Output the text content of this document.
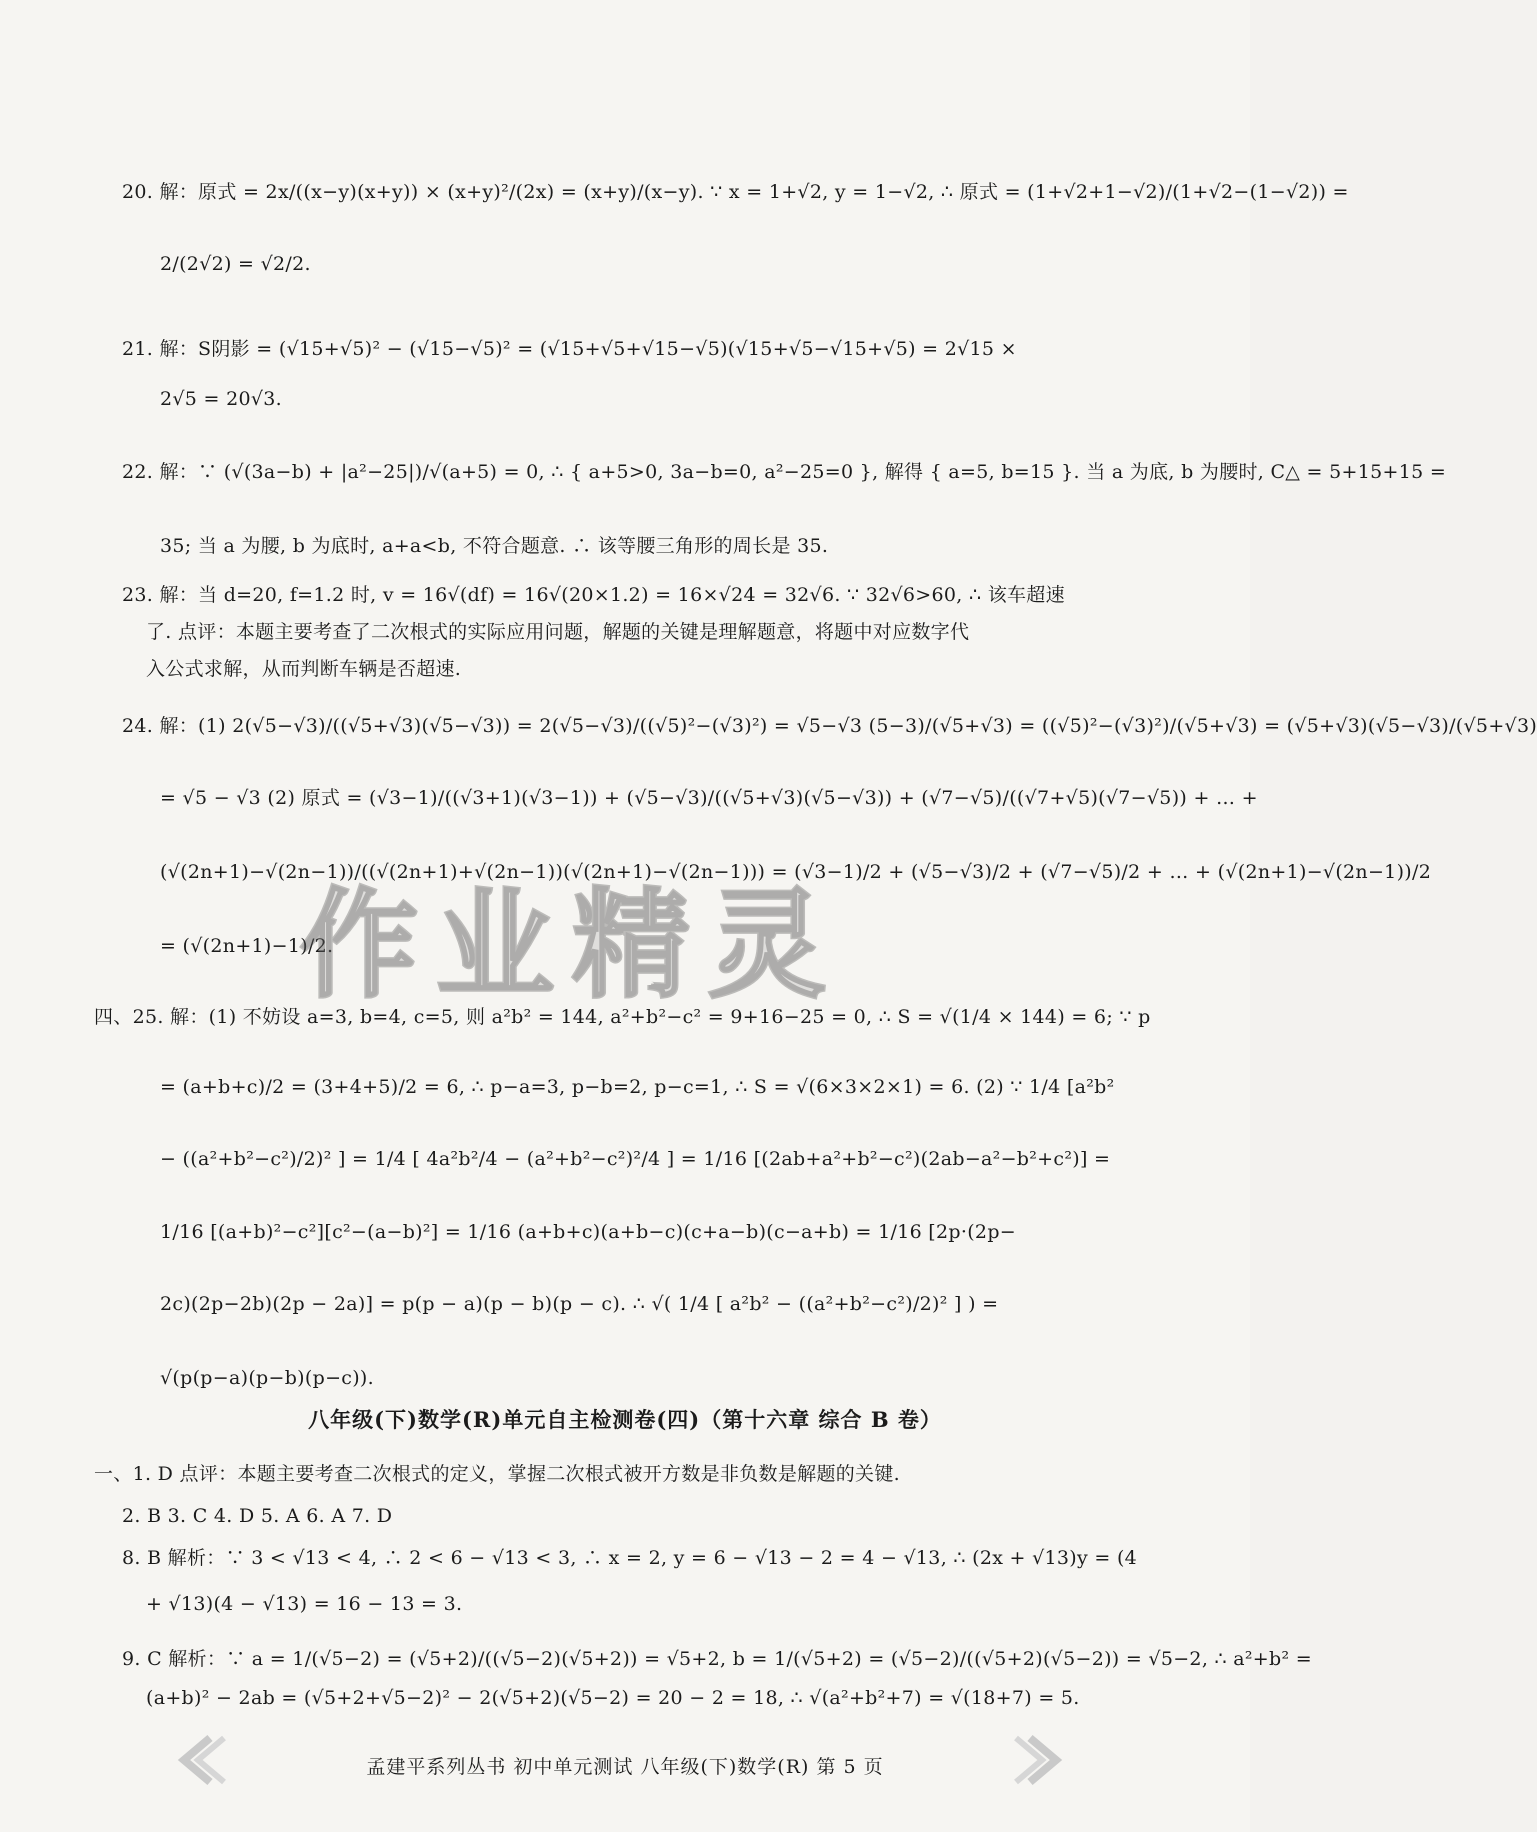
20. 解：原式 = 2x/((x−y)(x+y)) × (x+y)²/(2x) = (x+y)/(x−y). ∵ x = 1+√2, y = 1−√2, ∴ 原式 = (1+√2+1−√2)/(1+√2−(1−√2)) =
2/(2√2) = √2/2.
21. 解：S阴影 = (√15+√5)² − (√15−√5)² = (√15+√5+√15−√5)(√15+√5−√15+√5) = 2√15 ×
2√5 = 20√3.
22. 解：∵ (√(3a−b) + |a²−25|)/√(a+5) = 0, ∴ { a+5>0, 3a−b=0, a²−25=0 }, 解得 { a=5, b=15 }. 当 a 为底, b 为腰时, C△ = 5+15+15 =
35; 当 a 为腰, b 为底时, a+a<b, 不符合题意. ∴ 该等腰三角形的周长是 35.
23. 解：当 d=20, f=1.2 时, v = 16√(df) = 16√(20×1.2) = 16×√24 = 32√6. ∵ 32√6>60, ∴ 该车超速
了. 点评：本题主要考查了二次根式的实际应用问题，解题的关键是理解题意，将题中对应数字代
入公式求解，从而判断车辆是否超速.
24. 解：(1) 2(√5−√3)/((√5+√3)(√5−√3)) = 2(√5−√3)/((√5)²−(√3)²) = √5−√3 (5−3)/(√5+√3) = ((√5)²−(√3)²)/(√5+√3) = (√5+√3)(√5−√3)/(√5+√3)
= √5 − √3 (2) 原式 = (√3−1)/((√3+1)(√3−1)) + (√5−√3)/((√5+√3)(√5−√3)) + (√7−√5)/((√7+√5)(√7−√5)) + … +
(√(2n+1)−√(2n−1))/((√(2n+1)+√(2n−1))(√(2n+1)−√(2n−1))) = (√3−1)/2 + (√5−√3)/2 + (√7−√5)/2 + … + (√(2n+1)−√(2n−1))/2
= (√(2n+1)−1)/2.
作业精灵
四、25. 解：(1) 不妨设 a=3, b=4, c=5, 则 a²b² = 144, a²+b²−c² = 9+16−25 = 0, ∴ S = √(1/4 × 144) = 6; ∵ p
= (a+b+c)/2 = (3+4+5)/2 = 6, ∴ p−a=3, p−b=2, p−c=1, ∴ S = √(6×3×2×1) = 6. (2) ∵ 1/4 [a²b²
− ((a²+b²−c²)/2)² ] = 1/4 [ 4a²b²/4 − (a²+b²−c²)²/4 ] = 1/16 [(2ab+a²+b²−c²)(2ab−a²−b²+c²)] =
1/16 [(a+b)²−c²][c²−(a−b)²] = 1/16 (a+b+c)(a+b−c)(c+a−b)(c−a+b) = 1/16 [2p·(2p−
2c)(2p−2b)(2p − 2a)] = p(p − a)(p − b)(p − c). ∴ √( 1/4 [ a²b² − ((a²+b²−c²)/2)² ] ) =
√(p(p−a)(p−b)(p−c)).
八年级(下)数学(R)单元自主检测卷(四)（第十六章 综合 B 卷）
一、1. D 点评：本题主要考查二次根式的定义，掌握二次根式被开方数是非负数是解题的关键.
2. B 3. C 4. D 5. A 6. A 7. D
8. B 解析：∵ 3 < √13 < 4, ∴ 2 < 6 − √13 < 3, ∴ x = 2, y = 6 − √13 − 2 = 4 − √13, ∴ (2x + √13)y = (4
+ √13)(4 − √13) = 16 − 13 = 3.
9. C 解析：∵ a = 1/(√5−2) = (√5+2)/((√5−2)(√5+2)) = √5+2, b = 1/(√5+2) = (√5−2)/((√5+2)(√5−2)) = √5−2, ∴ a²+b² =
(a+b)² − 2ab = (√5+2+√5−2)² − 2(√5+2)(√5−2) = 20 − 2 = 18, ∴ √(a²+b²+7) = √(18+7) = 5.
孟建平系列丛书 初中单元测试 八年级(下)数学(R) 第 5 页
